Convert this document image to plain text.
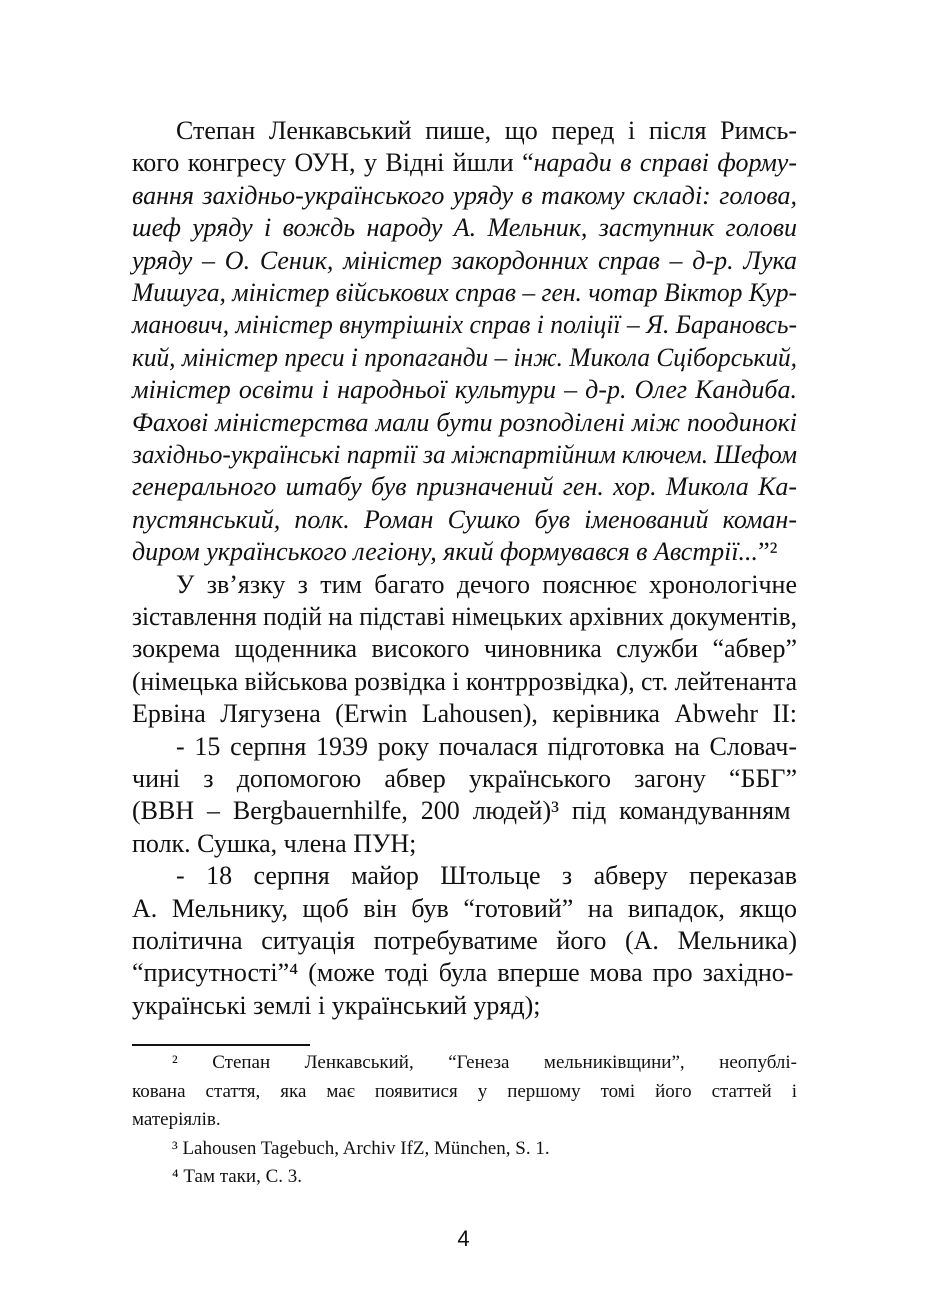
Степан Ленкавський пише, що перед і після Римсь-
кого конгресу ОУН, у Відні йшли “наради в справі форму-
вання західньо-українського уряду в такому складі: голова,
шеф уряду і вождь народу А. Мельник, заступник голови
уряду – О. Сеник, міністер закордонних справ – д-р. Лука
Мишуга, міністер військових справ – ген. чотар Віктор Кур-
манович, міністер внутрішніх справ і поліції – Я. Барановсь-
кий, міністер преси і пропаганди – інж. Микола Сціборський,
міністер освіти і народньої культури – д-р. Олег Кандиба.
Фахові міністерства мали бути розподілені між поодинокі
західньо-українські партії за міжпартійним ключем. Шефом
генерального штабу був призначений ген. хор. Микола Ка-
пустянський, полк. Роман Сушко був іменований коман-
диром українського легіону, який формувався в Австрії...”²
У зв’язку з тим багато дечого пояснює хронологічне
зіставлення подій на підставі німецьких архівних документів,
зокрема щоденника високого чиновника служби “абвер”
(німецька військова розвідка і контррозвідка), ст. лейтенанта
Ервіна Лягузена (Erwin Lahousen), керівника Abwehr II:
- 15 серпня 1939 року почалася підготовка на Словач-
чині з допомогою абвер українського загону “ББГ”
(BBH – Bergbauernhilfe, 200 людей)³ під командуванням
полк. Сушка, члена ПУН;
- 18 серпня майор Штольце з абверу переказав
А. Мельнику, щоб він був “готовий” на випадок, якщо
політична ситуація потребуватиме його (А. Мельника)
“присутності”⁴ (може тоді була вперше мова про західно-
українські землі і український уряд);
² Степан Ленкавський, “Генеза мельниківщини”, неопублі-
кована стаття, яка має появитися у першому томі його статтей і
матеріялів.
³ Lahousen Tagebuch, Archiv IfZ, München, S. 1.
⁴ Там таки, С. 3.
4
